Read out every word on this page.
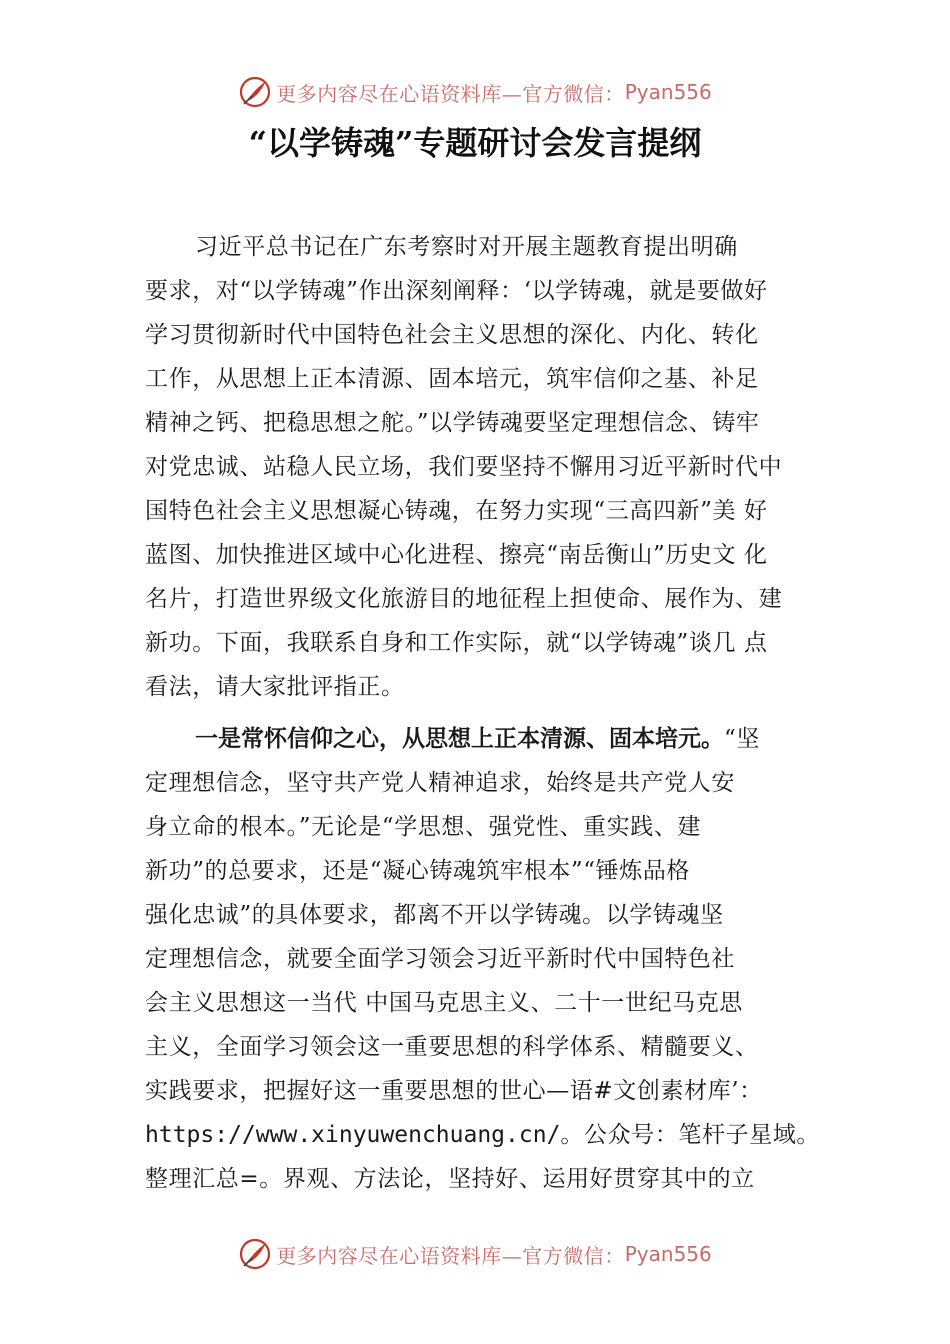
更多内容尽在心语资料库—官方微信： Pyan556
“以学铸魂”专题研讨会发言提纲
习近平总书记在广东考察时对开展主题教育提出明确
要求，对“以学铸魂”作出深刻阐释：‘以学铸魂，就是要做好
学习贯彻新时代中国特色社会主义思想的深化、内化、转化
工作，从思想上正本清源、固本培元，筑牢信仰之基、补足
精神之钙、把稳思想之舵。”以学铸魂要坚定理想信念、铸牢
对党忠诚、站稳人民立场，我们要坚持不懈用习近平新时代中
国特色社会主义思想凝心铸魂，在努力实现“三高四新”美 好
蓝图、加快推进区域中心化进程、擦亮“南岳衡山”历史文 化
名片，打造世界级文化旅游目的地征程上担使命、展作为、建
新功。下面，我联系自身和工作实际，就“以学铸魂”谈几 点
看法，请大家批评指正。
一是常怀信仰之心，从思想上正本清源、固本培元。“坚
定理想信念，坚守共产党人精神追求，始终是共产党人安
身立命的根本。”无论是“学思想、强党性、重实践、建
新功”的总要求，还是“凝心铸魂筑牢根本”“锤炼品格
强化忠诚”的具体要求，都离不开以学铸魂。以学铸魂坚
定理想信念，就要全面学习领会习近平新时代中国特色社
会主义思想这一当代 中国马克思主义、二十一世纪马克思
主义，全面学习领会这一重要思想的科学体系、精髓要义、
实践要求，把握好这一重要思想的世心—语#文创素材库’：
https://www.xinyuwenchuang.cn/。公众号：笔杆子星域。
整理汇总=。界观、方法论，坚持好、运用好贯穿其中的立
更多内容尽在心语资料库—官方微信： Pyan556
